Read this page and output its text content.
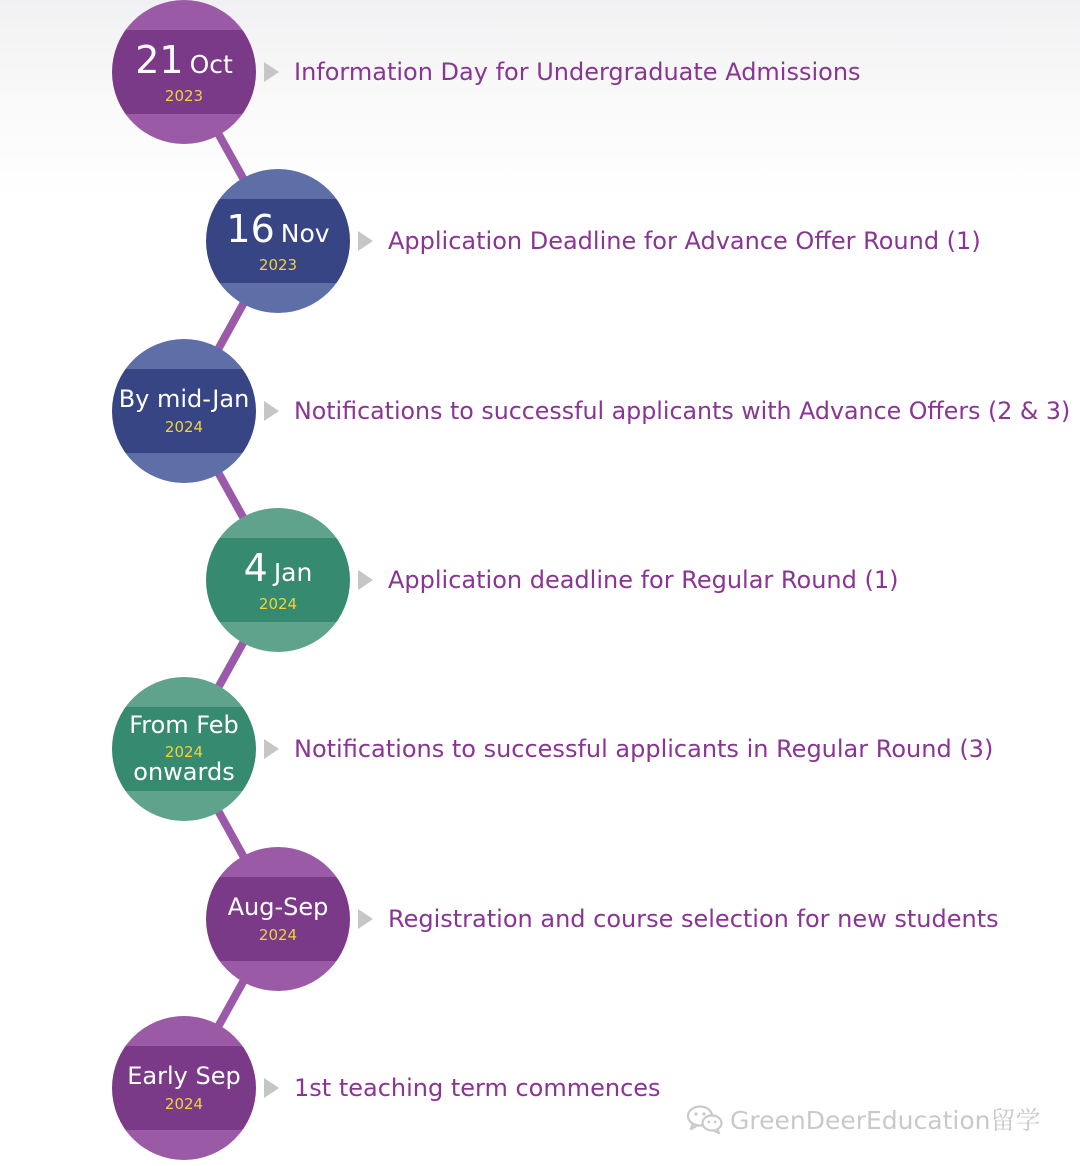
21 Oct
2023
Information Day for Undergraduate Admissions
16 Nov
2023
Application Deadline for Advance Offer Round (1)
By mid-Jan
2024
Notifications to successful applicants with Advance Offers (2 & 3)
4 Jan
2024
Application deadline for Regular Round (1)
From Feb
2024
onwards
Notifications to successful applicants in Regular Round (3)
Aug-Sep
2024
Registration and course selection for new students
Early Sep
2024
1st teaching term commences
GreenDeerEducation留学
